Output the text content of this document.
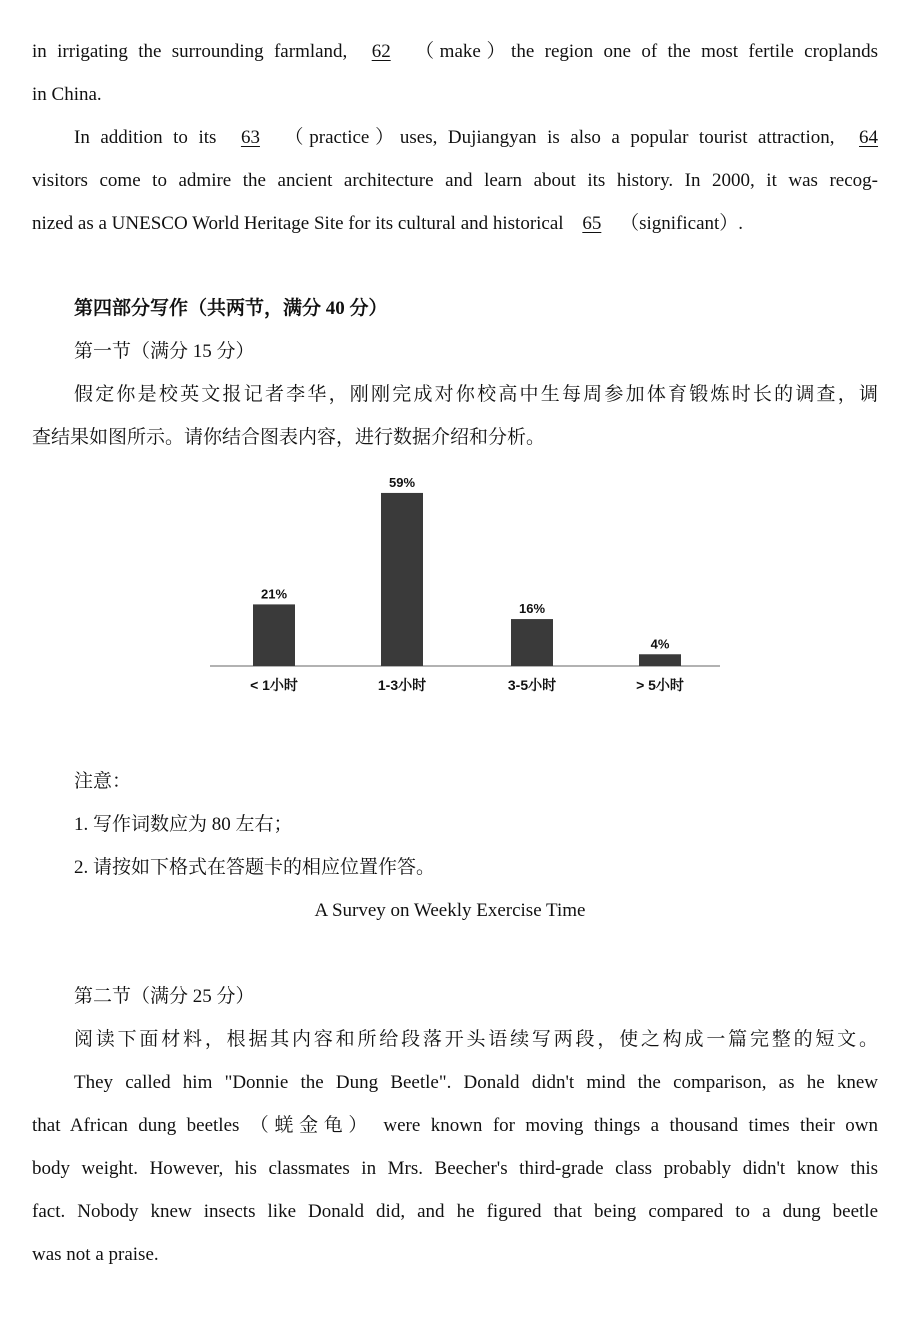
in irrigating the surrounding farmland, 62 （make）the region one of the most fertile croplands
in China.
In addition to its 63 （practice）uses, Dujiangyan is also a popular tourist attraction, 64
visitors come to admire the ancient architecture and learn about its history. In 2000, it was recog-
nized as a UNESCO World Heritage Site for its cultural and historical 65 （significant）.
第四部分写作（共两节，满分 40 分）
第一节（满分 15 分）
假定你是校英文报记者李华，刚刚完成对你校高中生每周参加体育锻炼时长的调查，调
查结果如图所示。请你结合图表内容，进行数据介绍和分析。
21%
< 1小时
59%
1-3小时
16%
3-5小时
4%
> 5小时
注意：
1. 写作词数应为 80 左右；
2. 请按如下格式在答题卡的相应位置作答。
A Survey on Weekly Exercise Time
第二节（满分 25 分）
阅读下面材料，根据其内容和所给段落开头语续写两段，使之构成一篇完整的短文。
They called him "Donnie the Dung Beetle". Donald didn't mind the comparison, as he knew
that African dung beetles （蜣金龟） were known for moving things a thousand times their own
body weight. However, his classmates in Mrs. Beecher's third-grade class probably didn't know this
fact. Nobody knew insects like Donald did, and he figured that being compared to a dung beetle
was not a praise.
